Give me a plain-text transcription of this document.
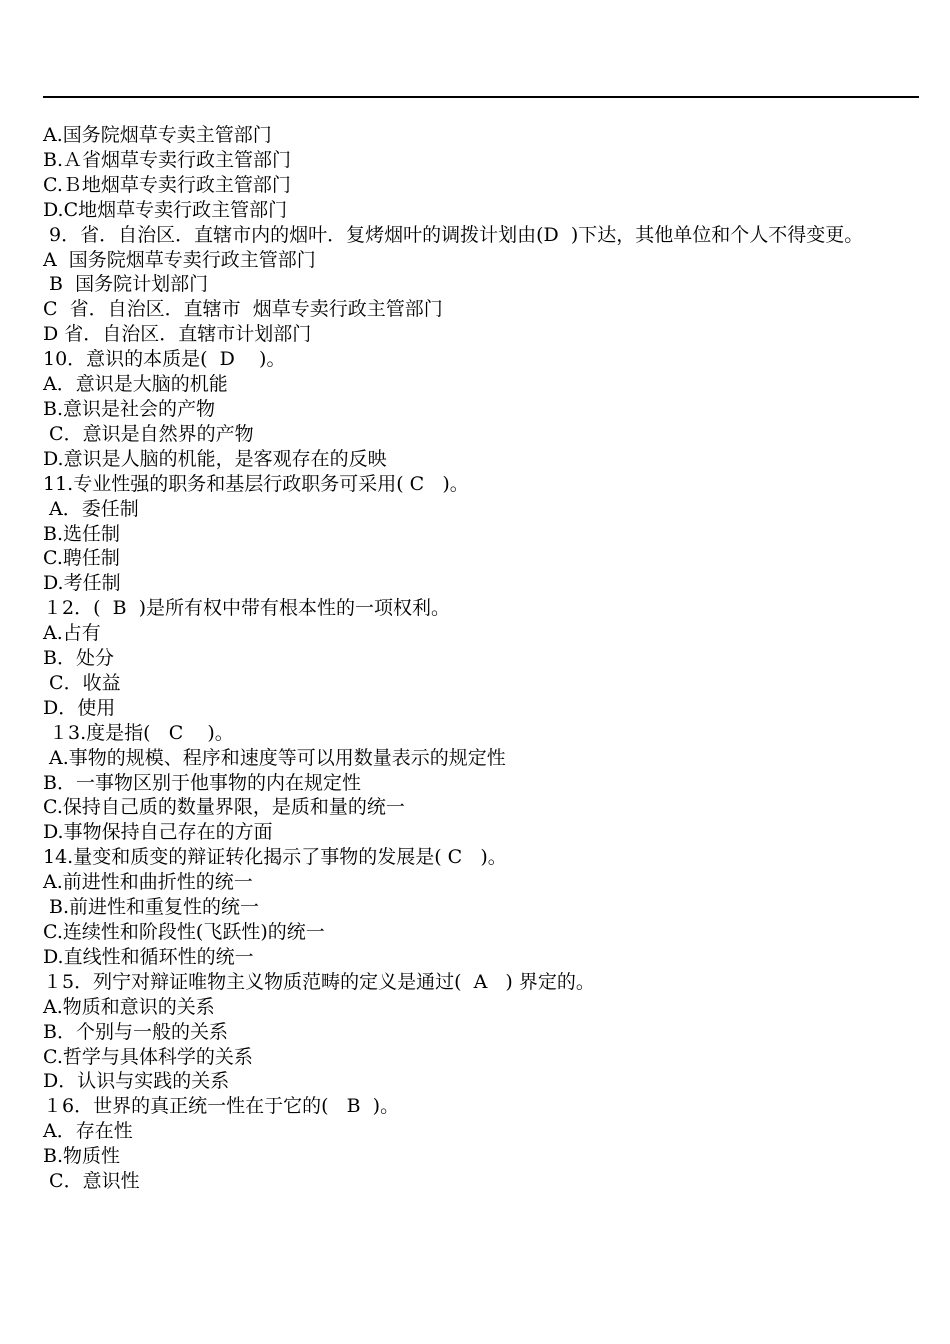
A.国务院烟草专卖主管部门
B.Ａ省烟草专卖行政主管部门
C.Ｂ地烟草专卖行政主管部门
D.C地烟草专卖行政主管部门
9．省．自治区．直辖市内的烟叶．复烤烟叶的调拨计划由(D  )下达，其他单位和个人不得变更。
A  国务院烟草专卖行政主管部门
B  国务院计划部门
C  省．自治区．直辖市  烟草专卖行政主管部门
D 省．自治区．直辖市计划部门
10．意识的本质是(  D    )。
A．意识是大脑的机能
B.意识是社会的产物
C．意识是自然界的产物
D.意识是人脑的机能，是客观存在的反映
11.专业性强的职务和基层行政职务可采用( C   )。
A．委任制
B.选任制
C.聘任制
D.考任制
１2．(  B  )是所有权中带有根本性的一项权利。
A.占有
B．处分
C．收益
D．使用
１3.度是指(   C    )。
A.事物的规模、程序和速度等可以用数量表示的规定性
B．一事物区别于他事物的内在规定性
C.保持自己质的数量界限，是质和量的统一
D.事物保持自己存在的方面
14.量变和质变的辩证转化揭示了事物的发展是( C   )。
A.前进性和曲折性的统一
B.前进性和重复性的统一
C.连续性和阶段性(飞跃性)的统一
D.直线性和循环性的统一
１5．列宁对辩证唯物主义物质范畴的定义是通过(  A   ) 界定的。
A.物质和意识的关系
B．个别与一般的关系
C.哲学与具体科学的关系
D．认识与实践的关系
１6．世界的真正统一性在于它的(   B  )。
A．存在性
B.物质性
C．意识性
